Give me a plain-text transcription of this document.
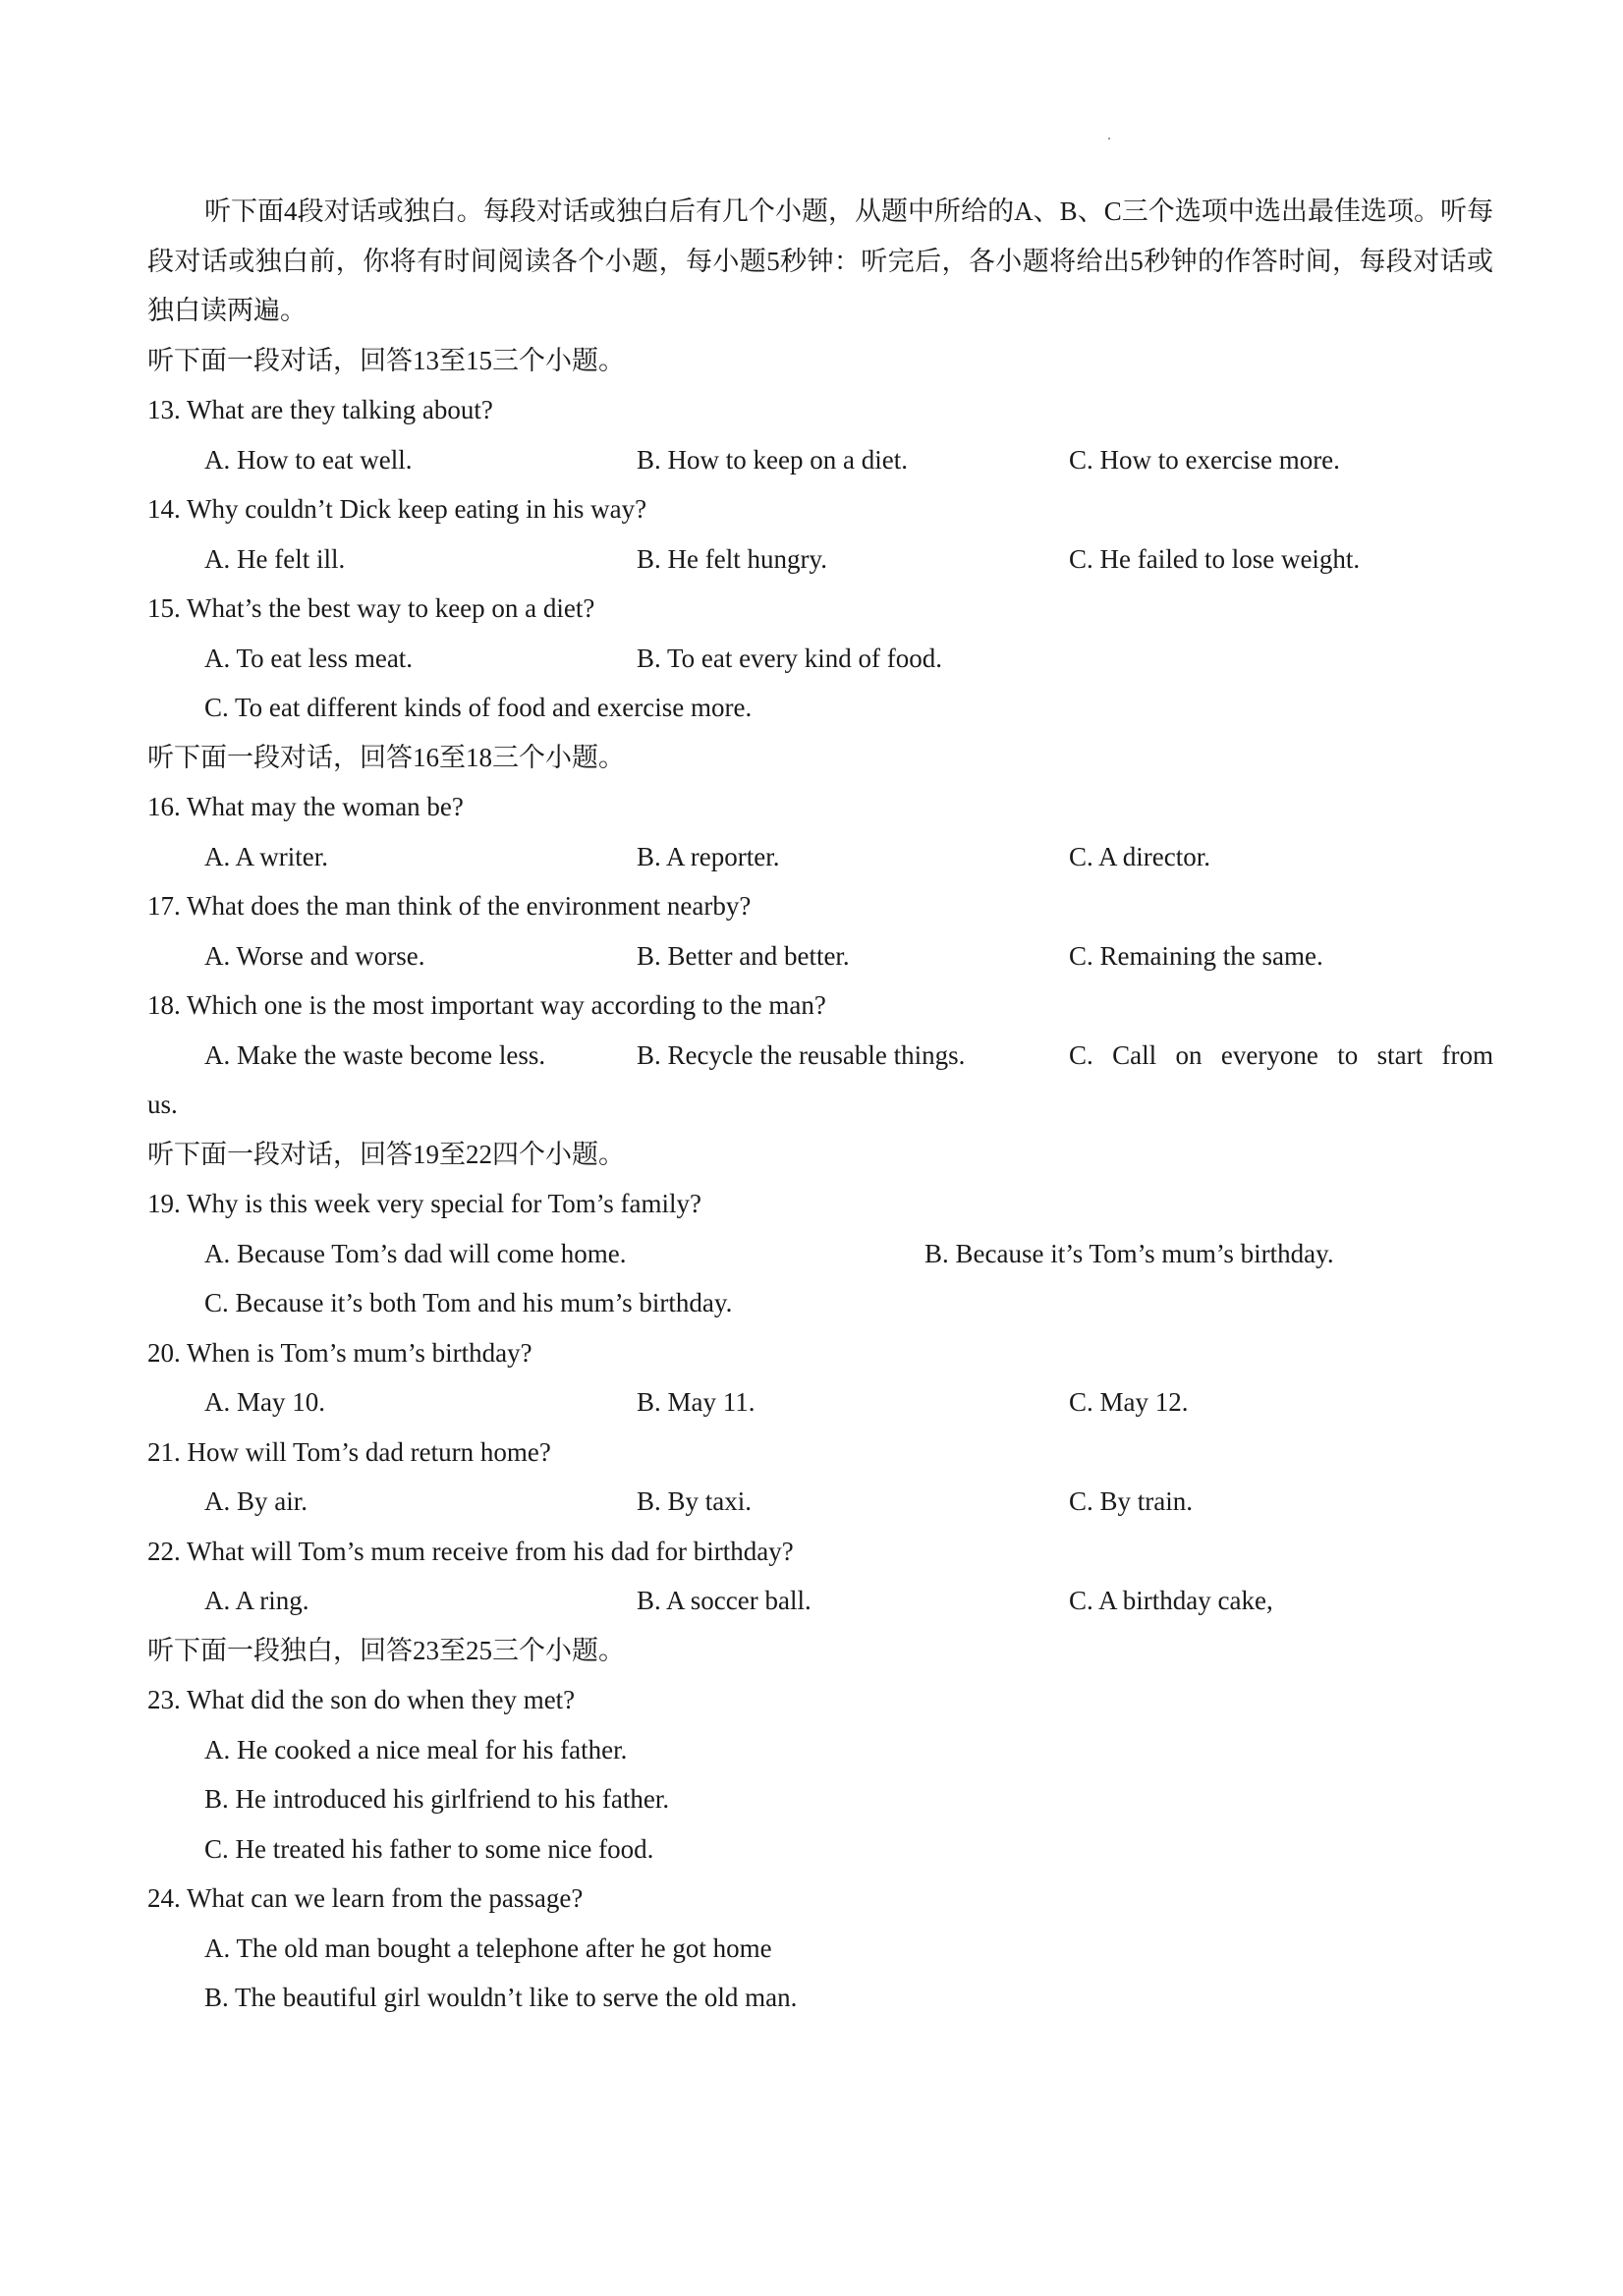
听下面4段对话或独白。每段对话或独白后有几个小题，从题中所给的A、B、C三个选项中选出最佳选项。听每段对话或独白前，你将有时间阅读各个小题，每小题5秒钟：听完后，各小题将给出5秒钟的作答时间，每段对话或独白读两遍。

听下面一段对话，回答13至15三个小题。

13. What are they talking about?

A. How to eat well.	B. How to keep on a diet.	C. How to exercise more.

14. Why couldn’t Dick keep eating in his way?

A. He felt ill.	B. He felt hungry.	C. He failed to lose weight.

15. What’s the best way to keep on a diet?

A. To eat less meat.	B. To eat every kind of food.

C. To eat different kinds of food and exercise more.

听下面一段对话，回答16至18三个小题。

16. What may the woman be?

A. A writer.	B. A reporter.	C. A director.

17. What does the man think of the environment nearby?

A. Worse and worse.	B. Better and better.	C. Remaining the same.

18. Which one is the most important way according to the man?

A. Make the waste become less.	B. Recycle the reusable things.	C. Call on everyone to start from

us.

听下面一段对话，回答19至22四个小题。

19. Why is this week very special for Tom’s family?

A. Because Tom’s dad will come home.	B. Because it’s Tom’s mum’s birthday.

C. Because it’s both Tom and his mum’s birthday.

20. When is Tom’s mum’s birthday?

A. May 10.	B. May 11.	C. May 12.

21. How will Tom’s dad return home?

A. By air.	B. By taxi.	C. By train.

22. What will Tom’s mum receive from his dad for birthday?

A. A ring.	B. A soccer ball.	C. A birthday cake,

听下面一段独白，回答23至25三个小题。

23. What did the son do when they met?

A. He cooked a nice meal for his father.

B. He introduced his girlfriend to his father.

C. He treated his father to some nice food.

24. What can we learn from the passage?

A. The old man bought a telephone after he got home

B. The beautiful girl wouldn’t like to serve the old man.
